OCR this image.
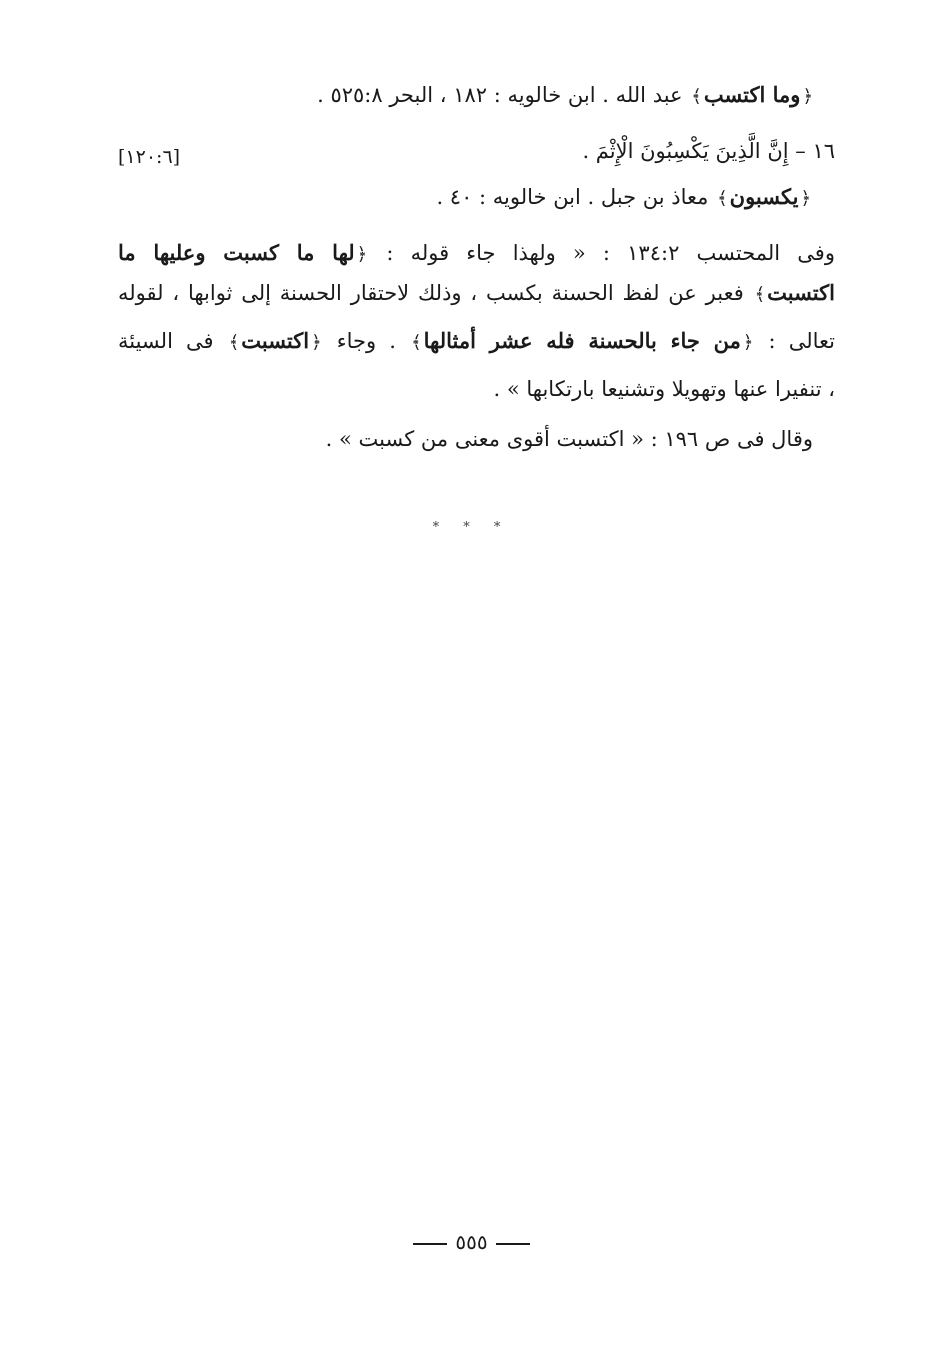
﴿وما اكتسب﴾ عبد الله . ابن خالويه : ١٨٢ ، البحر ٥٢٥:٨ .
١٦ – إِنَّ الَّذِينَ يَكْسِبُونَ الْإِثْمَ .
[١٢٠:٦]
﴿يكسبون﴾ معاذ بن جبل . ابن خالويه : ٤٠ .
وفى المحتسب ١٣٤:٢ : « ولهذا جاء قوله : ﴿لها ما كسبت وعليها ما
اكتسبت﴾ فعبر عن لفظ الحسنة بكسب ، وذلك لاحتقار الحسنة إلى ثوابها ، لقوله
تعالى : ﴿من جاء بالحسنة فله عشر أمثالها﴾ . وجاء ﴿اكتسبت﴾ فى السيئة
، تنفيرا عنها وتهويلا وتشنيعا بارتكابها » .
وقال فى ص ١٩٦ : « اكتسبت أقوى معنى من كسبت » .
* * *
٥٥٥
